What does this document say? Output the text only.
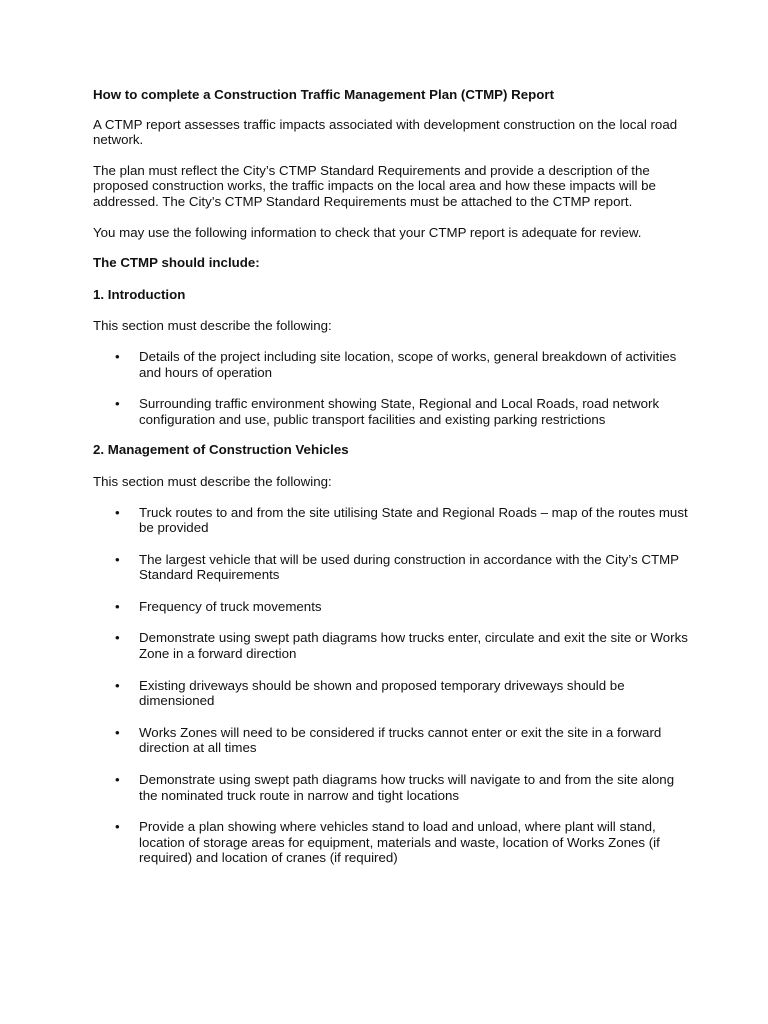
How to complete a Construction Traffic Management Plan (CTMP) Report

A CTMP report assesses traffic impacts associated with development construction on the local road network.

The plan must reflect the City’s CTMP Standard Requirements and provide a description of the proposed construction works, the traffic impacts on the local area and how these impacts will be addressed. The City’s CTMP Standard Requirements must be attached to the CTMP report.

You may use the following information to check that your CTMP report is adequate for review.

The CTMP should include:
1. Introduction

This section must describe the following:

• Details of the project including site location, scope of works, general breakdown of activities and hours of operation
• Surrounding traffic environment showing State, Regional and Local Roads, road network configuration and use, public transport facilities and existing parking restrictions
2. Management of Construction Vehicles

This section must describe the following:

• Truck routes to and from the site utilising State and Regional Roads – map of the routes must be provided
• The largest vehicle that will be used during construction in accordance with the City’s CTMP Standard Requirements
• Frequency of truck movements
• Demonstrate using swept path diagrams how trucks enter, circulate and exit the site or Works Zone in a forward direction
• Existing driveways should be shown and proposed temporary driveways should be dimensioned
• Works Zones will need to be considered if trucks cannot enter or exit the site in a forward direction at all times
• Demonstrate using swept path diagrams how trucks will navigate to and from the site along the nominated truck route in narrow and tight locations
• Provide a plan showing where vehicles stand to load and unload, where plant will stand, location of storage areas for equipment, materials and waste, location of Works Zones (if required) and location of cranes (if required)
